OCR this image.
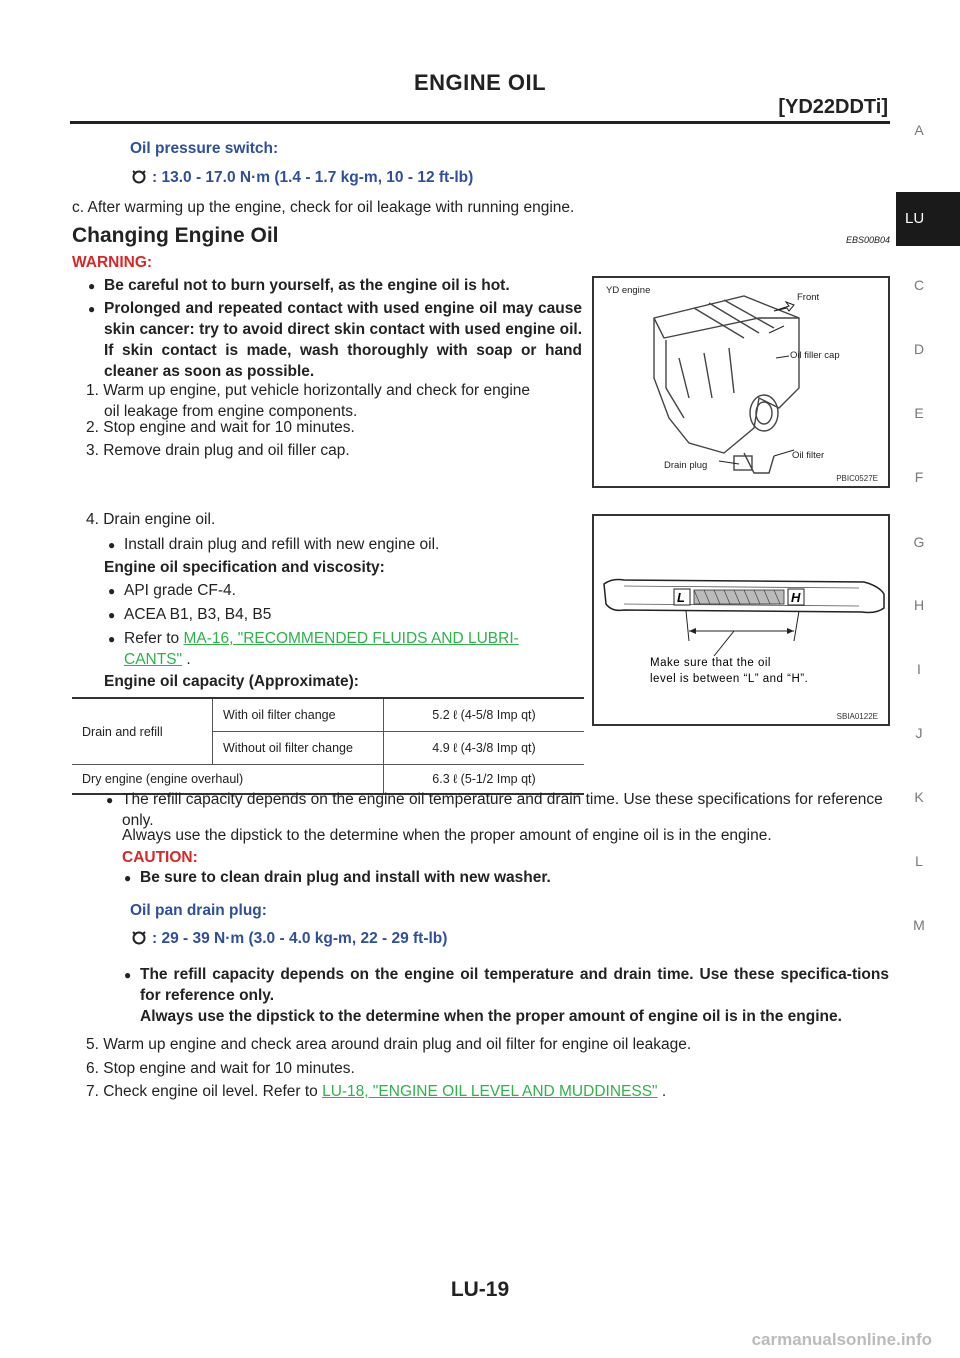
ENGINE OIL
[YD22DDTi]
A
LU
C
D
E
F
G
H
I
J
K
L
M
Oil pressure switch:
: 13.0 - 17.0 N·m (1.4 - 1.7 kg-m, 10 - 12 ft-lb)
c. After warming up the engine, check for oil leakage with running engine.
Changing Engine Oil	EBS00B04
WARNING:
● Be careful not to burn yourself, as the engine oil is hot.
● Prolonged and repeated contact with used engine oil may cause skin cancer: try to avoid direct skin contact with used engine oil. If skin contact is made, wash thoroughly with soap or hand cleaner as soon as possible.
1. Warm up engine, put vehicle horizontally and check for engine
oil leakage from engine components.
2. Stop engine and wait for 10 minutes.
3. Remove drain plug and oil filler cap.
YD engine
Front
Oil filler cap
Drain plug
Oil filter
PBIC0527E
4. Drain engine oil.
● Install drain plug and refill with new engine oil.
Engine oil specification and viscosity:
● API grade CF-4.
● ACEA B1, B3, B4, B5
● Refer to MA-16, "RECOMMENDED FLUIDS AND LUBRI-
CANTS" .
Engine oil capacity (Approximate):
L	H
Make sure that the oil
level is between “L” and “H”.
SBIA0122E
Drain and refill	With oil filter change	5.2 ℓ (4-5/8 Imp qt)
	Without oil filter change	4.9 ℓ (4-3/8 Imp qt)
Dry engine (engine overhaul)		6.3 ℓ (5-1/2 Imp qt)
● The refill capacity depends on the engine oil temperature and drain time. Use these specifications for reference only.
Always use the dipstick to the determine when the proper amount of engine oil is in the engine.
CAUTION:
● Be sure to clean drain plug and install with new washer.
Oil pan drain plug:
: 29 - 39 N·m (3.0 - 4.0 kg-m, 22 - 29 ft-lb)
● The refill capacity depends on the engine oil temperature and drain time. Use these specifica-tions for reference only.
Always use the dipstick to the determine when the proper amount of engine oil is in the engine.
5. Warm up engine and check area around drain plug and oil filter for engine oil leakage.
6. Stop engine and wait for 10 minutes.
7. Check engine oil level. Refer to LU-18, "ENGINE OIL LEVEL AND MUDDINESS" .
LU-19
carmanualsonline.info
